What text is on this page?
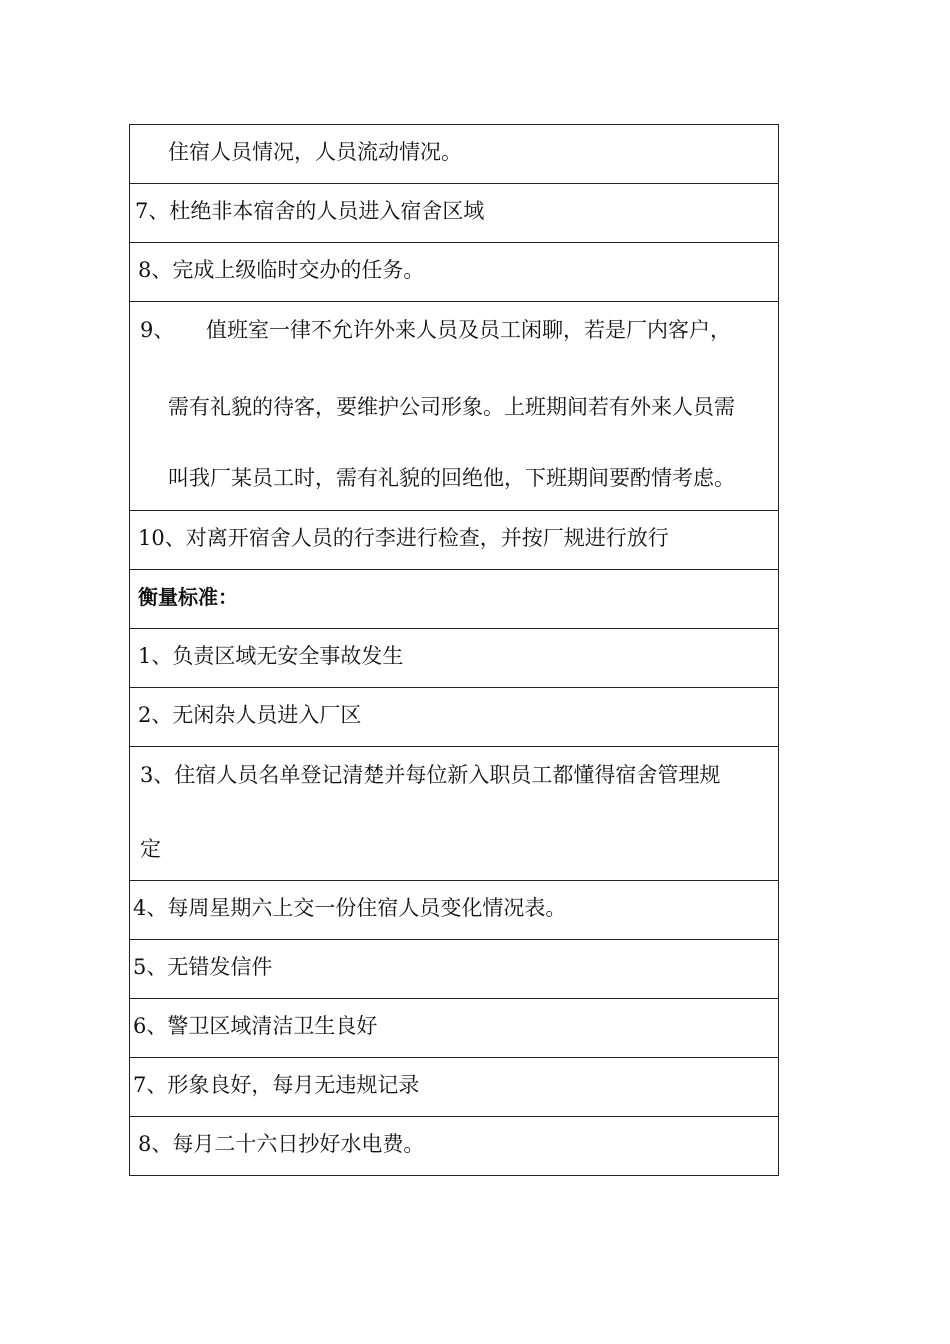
住宿人员情况，人员流动情况。

7、杜绝非本宿舍的人员进入宿舍区域

8、完成上级临时交办的任务。

9、 值班室一律不允许外来人员及员工闲聊，若是厂内客户，
需有礼貌的待客，要维护公司形象。上班期间若有外来人员需
叫我厂某员工时，需有礼貌的回绝他，下班期间要酌情考虑。

10、对离开宿舍人员的行李进行检查，并按厂规进行放行

衡量标准：

1、负责区域无安全事故发生

2、无闲杂人员进入厂区

3、住宿人员名单登记清楚并每位新入职员工都懂得宿舍管理规
定

4、每周星期六上交一份住宿人员变化情况表。

5、无错发信件

6、警卫区域清洁卫生良好

7、形象良好，每月无违规记录

8、每月二十六日抄好水电费。
